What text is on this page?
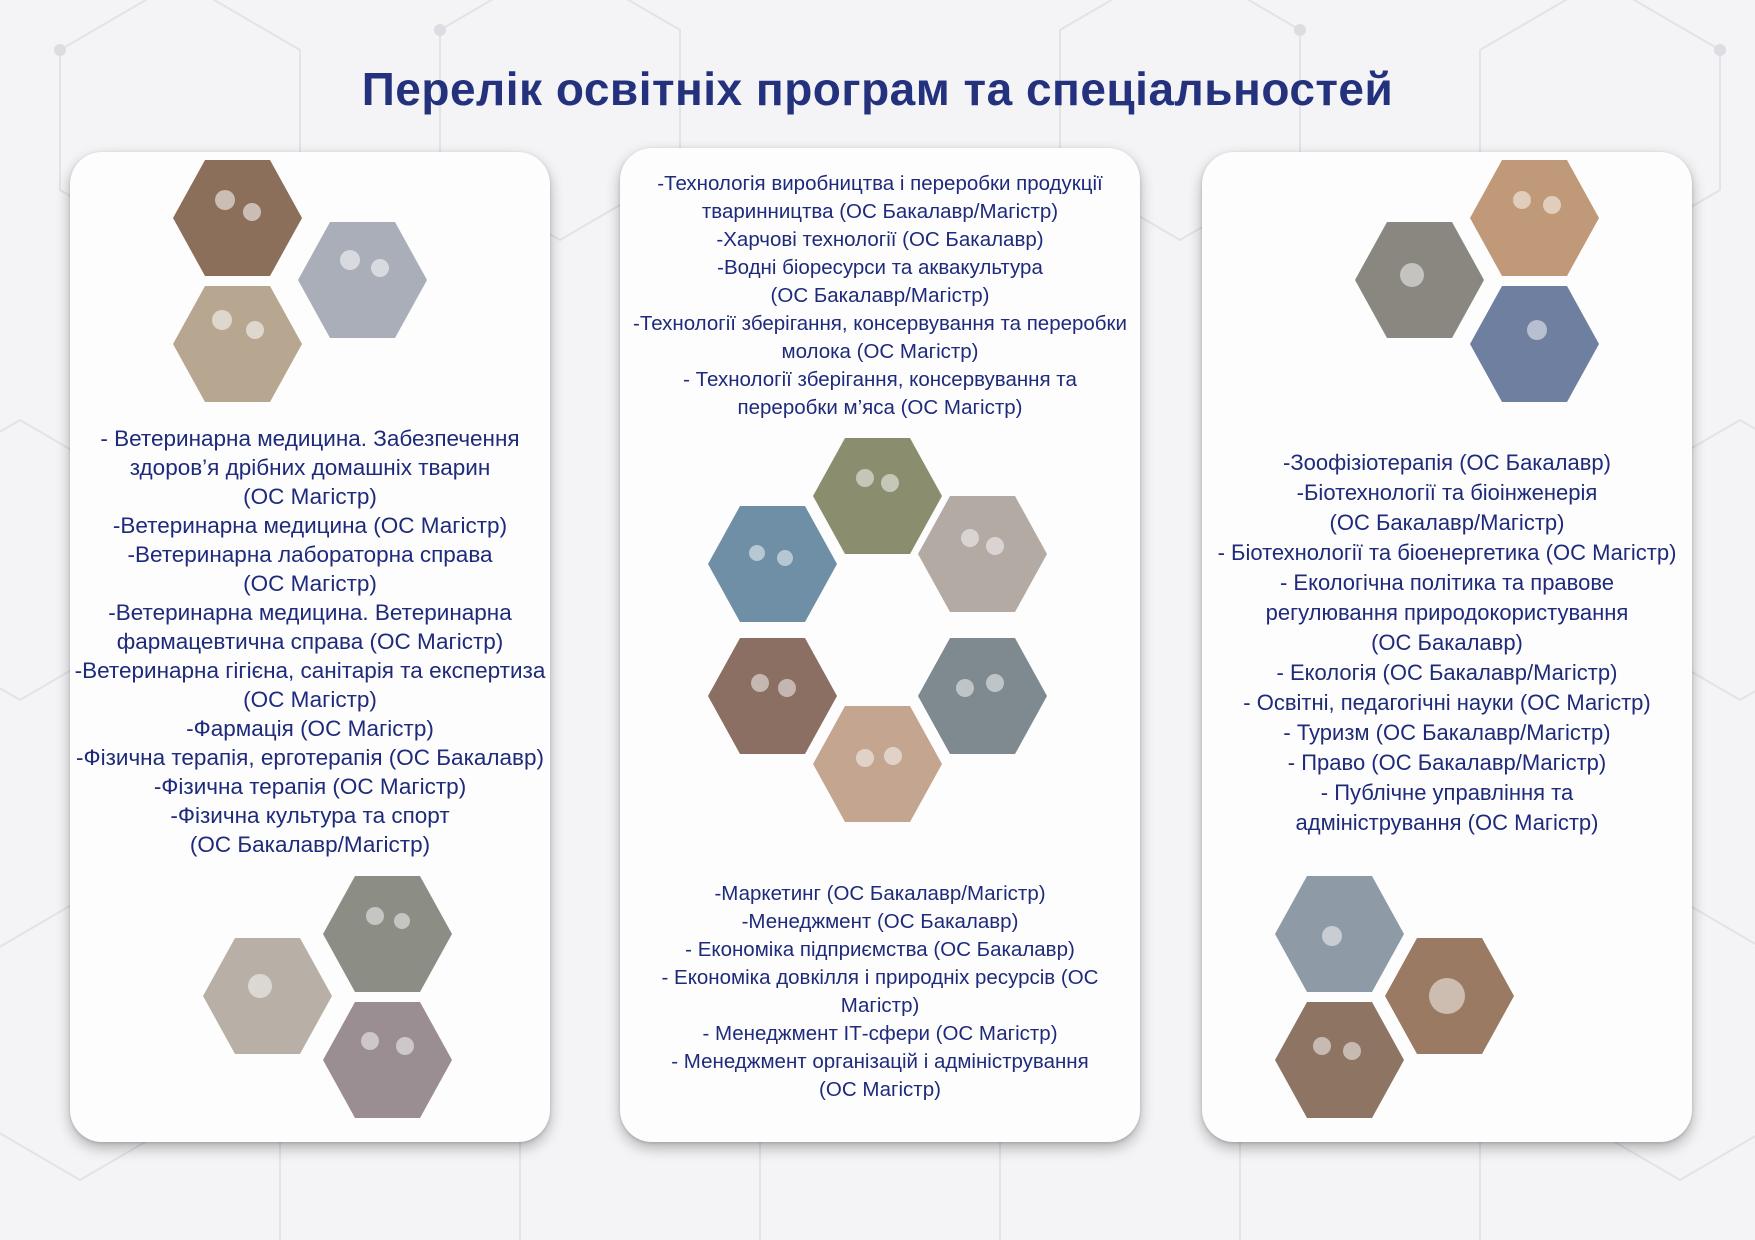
Перелік освітніх програм та спеціальностей
- Ветеринарна медицина. Забезпечення
здоров’я дрібних домашніх тварин
(ОС Магістр)
-Ветеринарна медицина (ОС Магістр)
-Ветеринарна лабораторна справа
(ОС Магістр)
-Ветеринарна медицина. Ветеринарна
фармацевтична справа (ОС Магістр)
-Ветеринарна гігієна, санітарія та експертиза
(ОС Магістр)
-Фармація (ОС Магістр)
-Фізична терапія, ерготерапія (ОС Бакалавр)
-Фізична терапія (ОС Магістр)
-Фізична культура та спорт
(ОС Бакалавр/Магістр)
-Технологія виробництва і переробки продукції
тваринництва (ОС Бакалавр/Магістр)
-Харчові технології (ОС Бакалавр)
-Водні біоресурси та аквакультура
(ОС Бакалавр/Магістр)
-Технології зберігання, консервування та переробки
молока (ОС Магістр)
- Технології зберігання, консервування та
переробки м’яса (ОС Магістр)
-Маркетинг (ОС Бакалавр/Магістр)
-Менеджмент (ОС Бакалавр)
- Економіка підприємства (ОС Бакалавр)
- Економіка довкілля і природніх ресурсів (ОС Магістр)
- Менеджмент ІТ-сфери (ОС Магістр)
- Менеджмент організацій і адміністрування
(ОС Магістр)
-Зоофізіотерапія (ОС Бакалавр)
-Біотехнології та біоінженерія
(ОС Бакалавр/Магістр)
- Біотехнології та біоенергетика (ОС Магістр)
- Екологічна політика та правове
регулювання природокористування
(ОС Бакалавр)
- Екологія (ОС Бакалавр/Магістр)
- Освітні, педагогічні науки (ОС Магістр)
- Туризм (ОС Бакалавр/Магістр)
- Право (ОС Бакалавр/Магістр)
- Публічне управління та
адміністрування (ОС Магістр)
